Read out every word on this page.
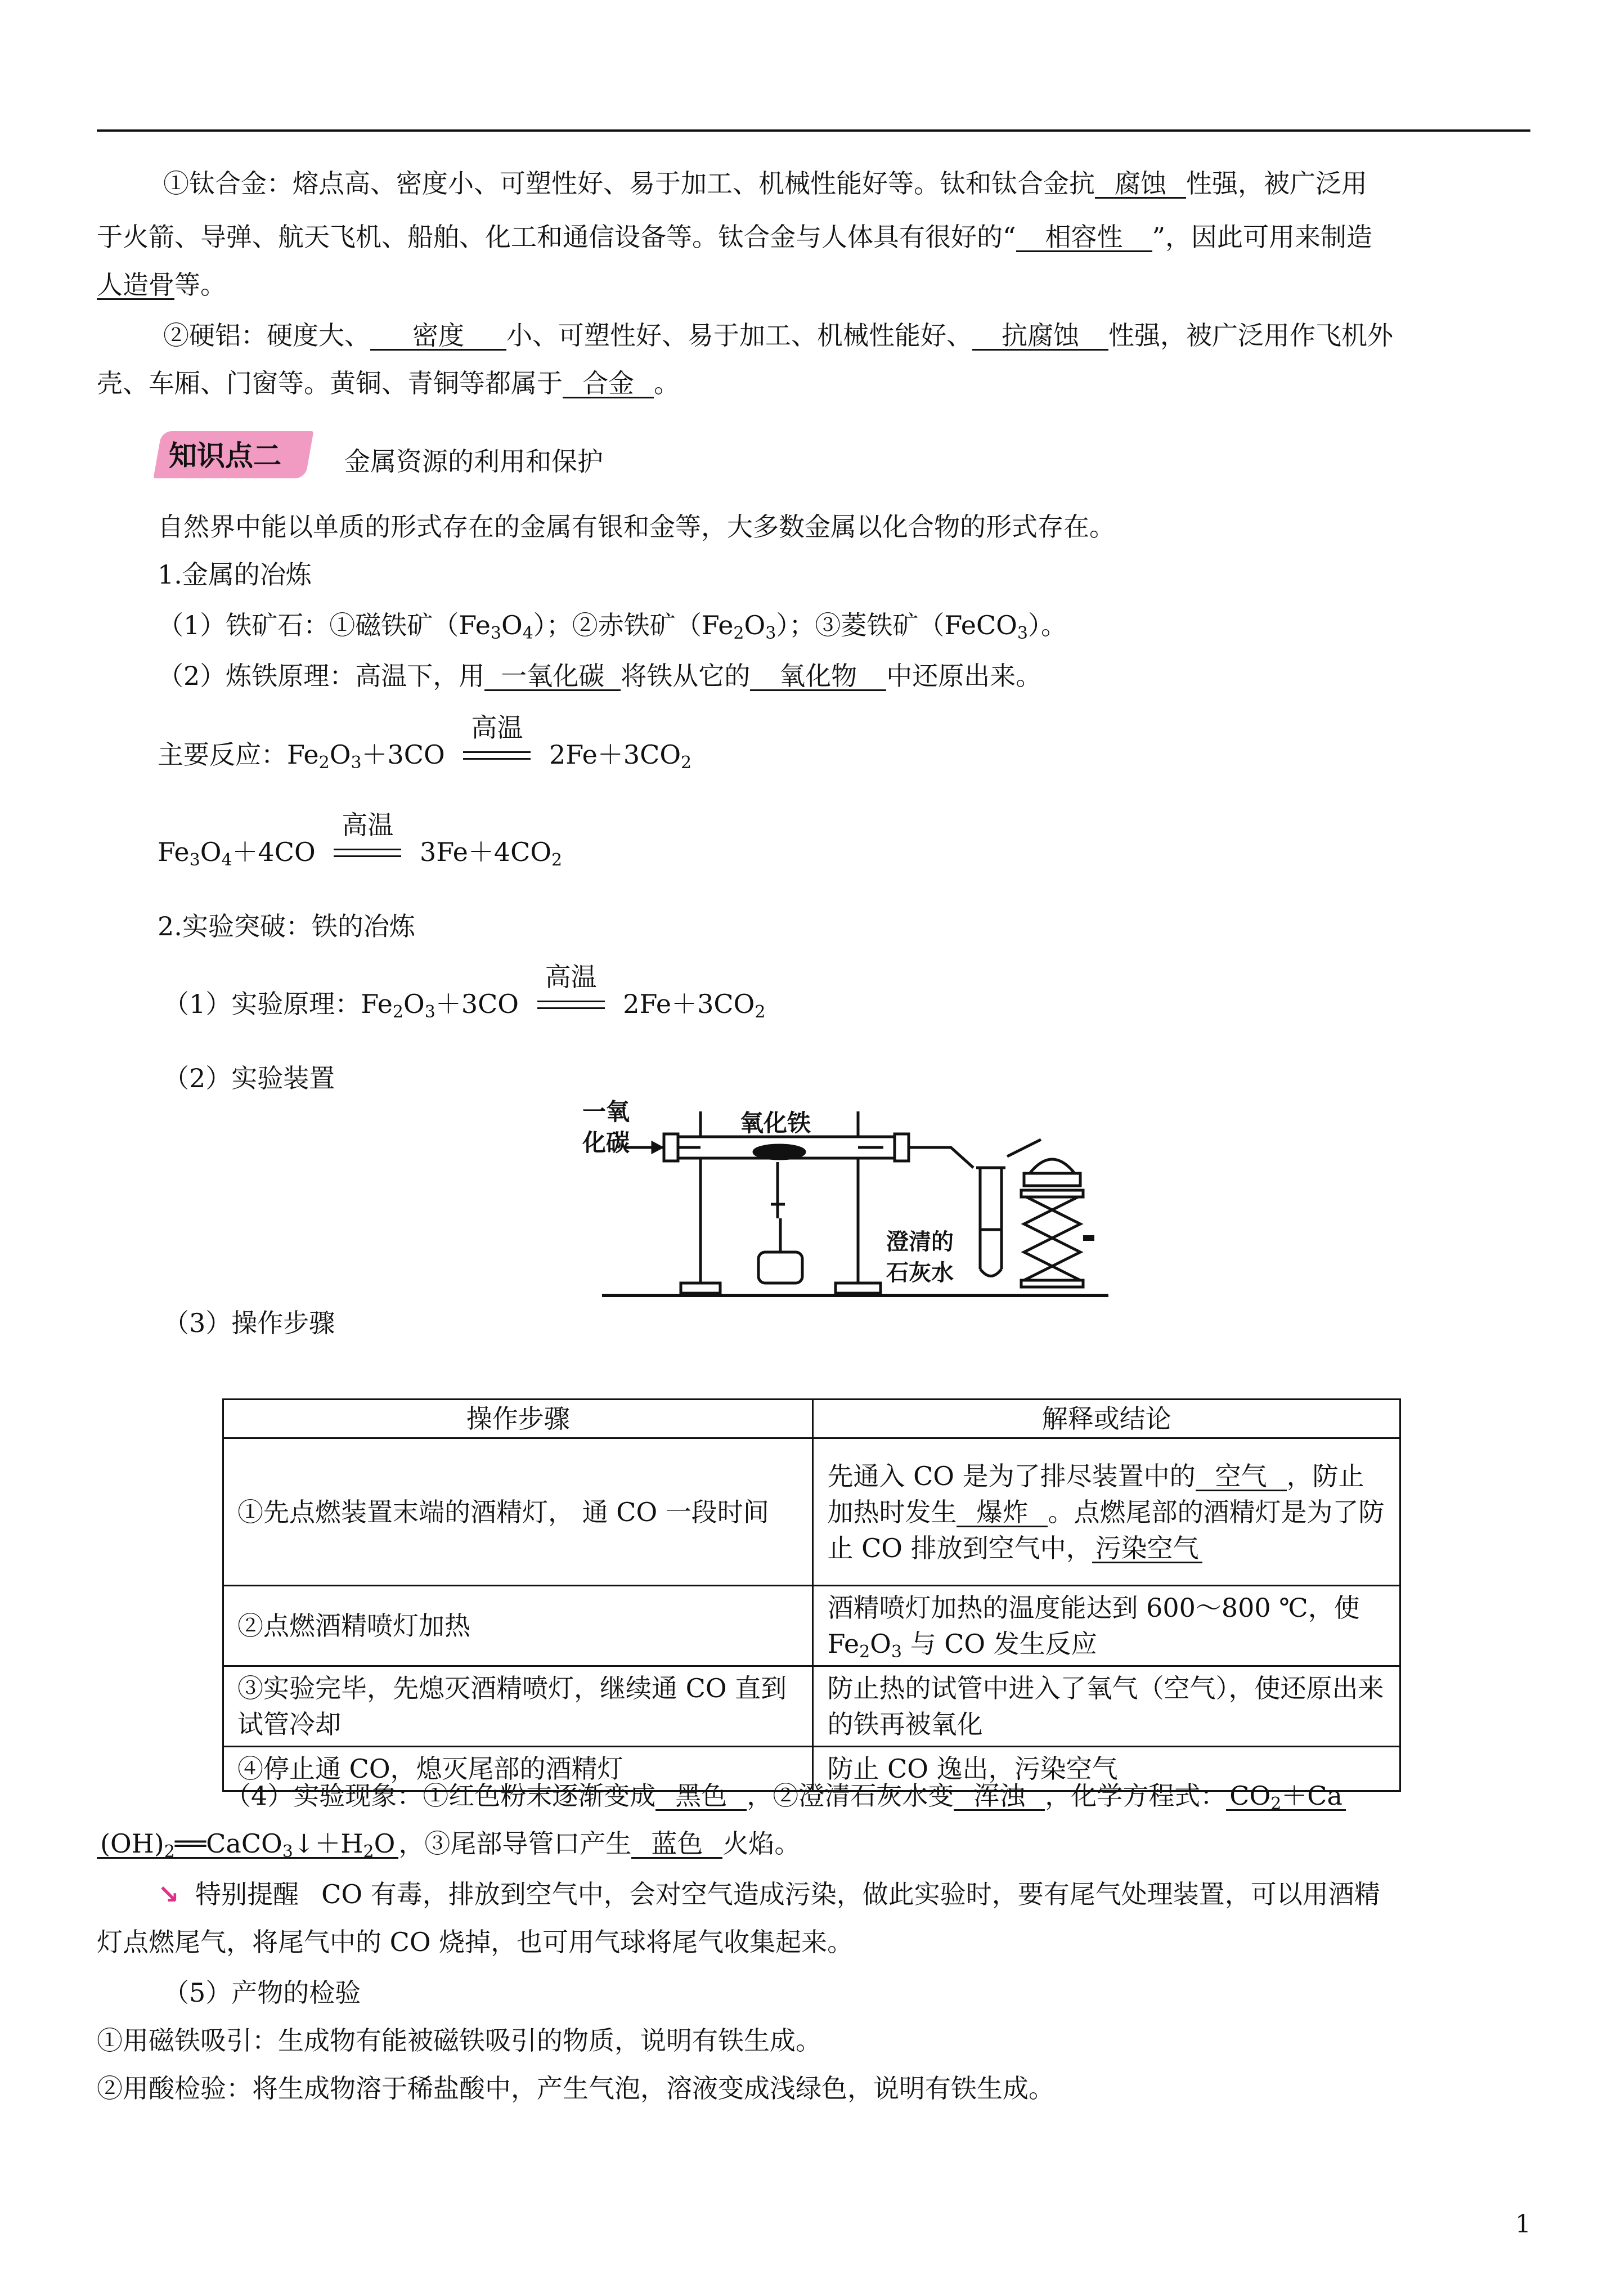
①钛合金：熔点高、密度小、可塑性好、易于加工、机械性能好等。钛和钛合金抗 腐蚀 性强，被广泛用
于火箭、导弹、航天飞机、船舶、化工和通信设备等。钛合金与人体具有很好的“ 相容性 ”，因此可用来制造
人造骨等。
②硬铝：硬度大、 密度 小、可塑性好、易于加工、机械性能好、 抗腐蚀 性强，被广泛用作飞机外
壳、车厢、门窗等。黄铜、青铜等都属于 合金 。
知识点二 金属资源的利用和保护
自然界中能以单质的形式存在的金属有银和金等，大多数金属以化合物的形式存在。
1.金属的冶炼
（1）铁矿石：①磁铁矿$(Fe_3O_4)$；②赤铁矿$(Fe_2O_3)$；③菱铁矿（FeCO$_3$）。
（2）炼铁原理：高温下，用 一氧化碳 将铁从它的 氧化物 中还原出来。
主要反应：$Fe_2O_3+3CO$
高温
$2Fe+3CO_2$
$Fe_3O_4+4CO$
高温
$3Fe+4CO_2$
2.实验突破：铁的冶炼
（1）实验原理：$Fe_2O_3+3CO$
高温
$2Fe+3CO_2$
（2）实验装置
一氧
化碳
氧化铁
澄清的
石灰水
（3）操作步骤
操作步骤	解释或结论
①先点燃装置末端的酒精灯， 通 CO 一段时间	先通入 CO 是为了排尽装置中的 空气 ，防止加热时发生 爆炸 。点燃尾部的酒精灯是为了防止 CO 排放到空气中， 污染空气
②点燃酒精喷灯加热	酒精喷灯加热的温度能达到 600～800 ℃，使 $Fe_2O_3$ 与 CO 发生反应
③实验完毕，先熄灭酒精喷灯，继续通 CO 直到试管冷却	防止热的试管中进入了氧气（空气），使还原出来的铁再被氧化
④停止通 CO，熄灭尾部的酒精灯	防止 CO 逸出，污染空气
（4）实验现象：①红色粉末逐渐变成 黑色 ，②澄清石灰水变 浑浊 ，化学方程式： $CO_2+Ca$
$(OH)_2══CaCO_3↓+H_2O$ ，③尾部导管口产生 蓝色 火焰。
↘ 特别提醒 CO 有毒，排放到空气中，会对空气造成污染，做此实验时，要有尾气处理装置，可以用酒精
灯点燃尾气，将尾气中的 CO 烧掉，也可用气球将尾气收集起来。
（5）产物的检验
①用磁铁吸引：生成物有能被磁铁吸引的物质，说明有铁生成。
②用酸检验：将生成物溶于稀盐酸中，产生气泡，溶液变成浅绿色，说明有铁生成。
1
